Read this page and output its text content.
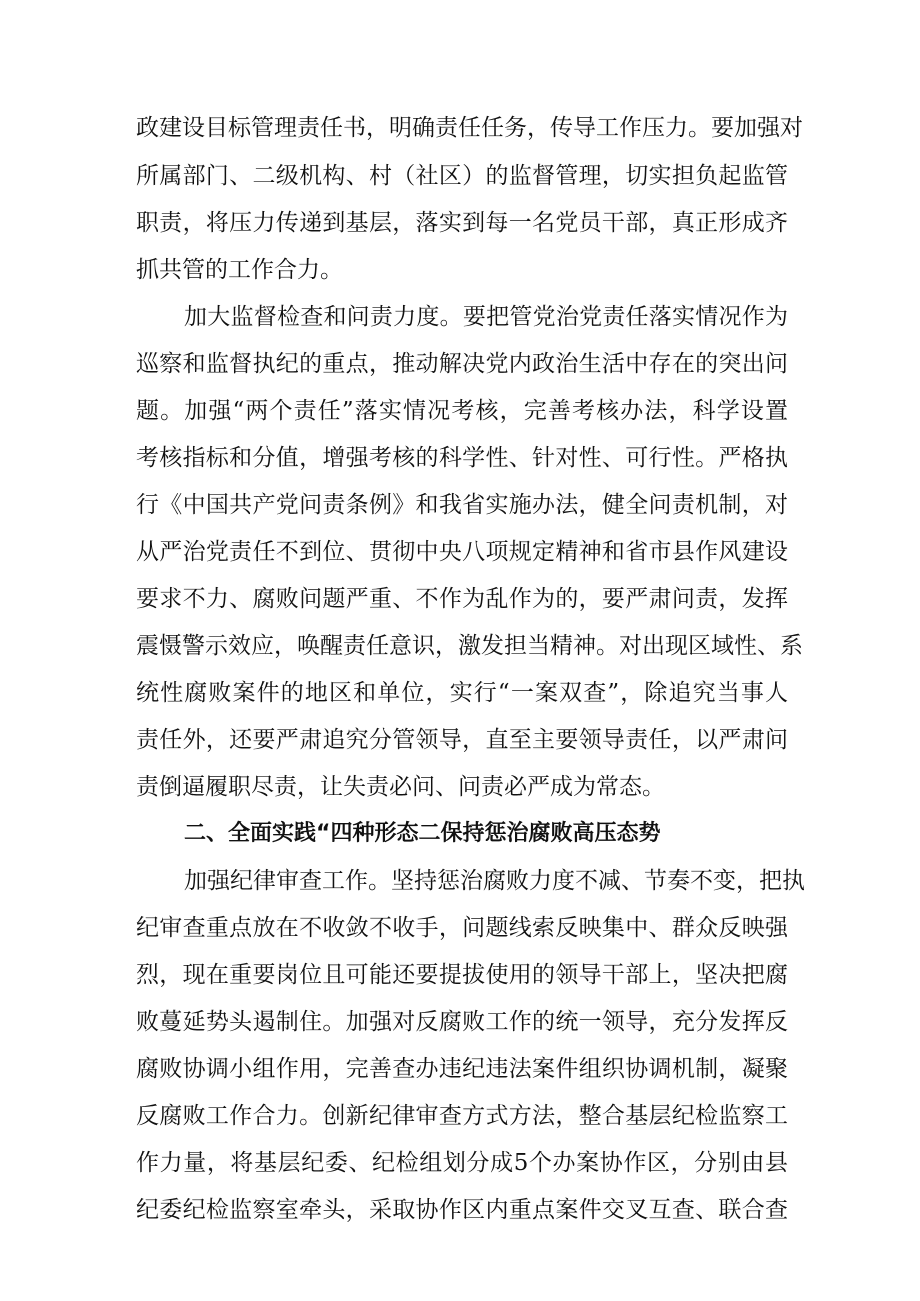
政建设目标管理责任书，明确责任任务，传导工作压力。要加强对
所属部门、二级机构、村（社区）的监督管理，切实担负起监管
职责，将压力传递到基层，落实到每一名党员干部，真正形成齐
抓共管的工作合力。
加大监督检查和问责力度。要把管党治党责任落实情况作为
巡察和监督执纪的重点，推动解决党内政治生活中存在的突出问
题。加强“两个责任”落实情况考核，完善考核办法，科学设置
考核指标和分值，增强考核的科学性、针对性、可行性。严格执
行《中国共产党问责条例》和我省实施办法，健全问责机制，对
从严治党责任不到位、贯彻中央八项规定精神和省市县作风建设
要求不力、腐败问题严重、不作为乱作为的，要严肃问责，发挥
震慑警示效应，唤醒责任意识，激发担当精神。对出现区域性、系
统性腐败案件的地区和单位，实行“一案双查”，除追究当事人
责任外，还要严肃追究分管领导，直至主要领导责任，以严肃问
责倒逼履职尽责，让失责必问、问责必严成为常态。
二、全面实践“四种形态二保持惩治腐败高压态势
加强纪律审查工作。坚持惩治腐败力度不减、节奏不变，把执
纪审查重点放在不收敛不收手，问题线索反映集中、群众反映强
烈，现在重要岗位且可能还要提拔使用的领导干部上，坚决把腐
败蔓延势头遏制住。加强对反腐败工作的统一领导，充分发挥反
腐败协调小组作用，完善查办违纪违法案件组织协调机制，凝聚
反腐败工作合力。创新纪律审查方式方法，整合基层纪检监察工
作力量，将基层纪委、纪检组划分成5个办案协作区，分别由县
纪委纪检监察室牵头，采取协作区内重点案件交叉互查、联合查
